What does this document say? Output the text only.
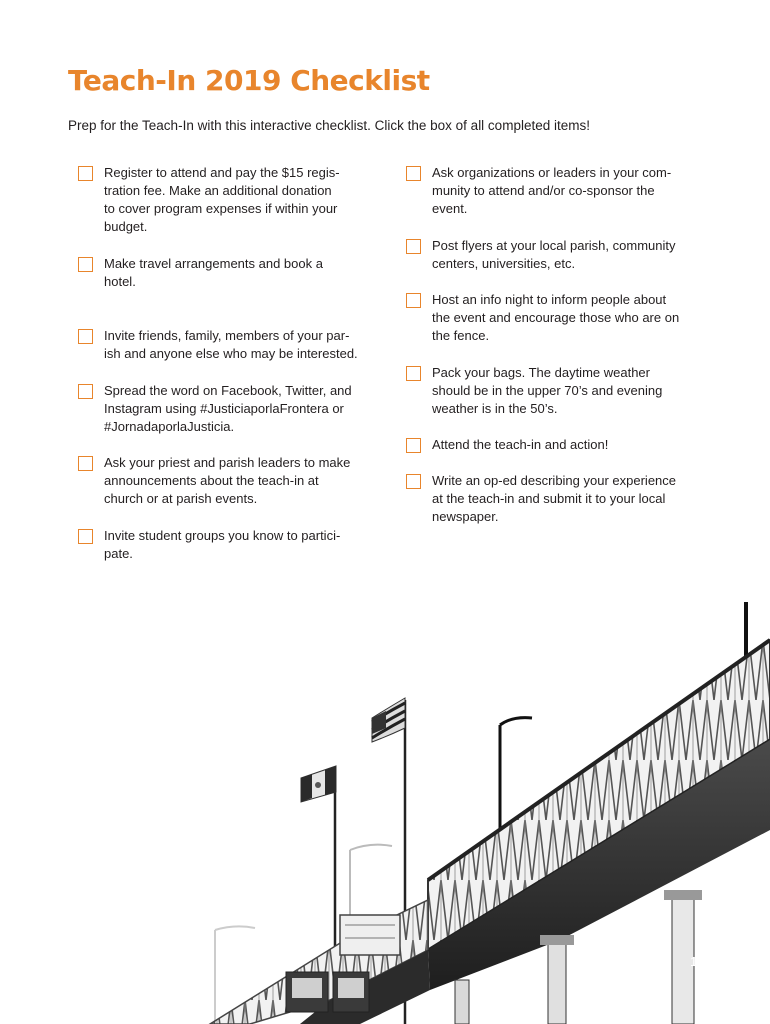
Teach-In 2019 Checklist

Prep for the Teach-In with this interactive checklist. Click the box of all completed items!

Register to attend and pay the $15 regis-
tration fee. Make an additional donation
to cover program expenses if within your
budget.
Make travel arrangements and book a
hotel.
Invite friends, family, members of your par-
ish and anyone else who may be interested.
Spread the word on Facebook, Twitter, and
Instagram using #JusticiaporlaFrontera or
#JornadaporlaJusticia.
Ask your priest and parish leaders to make
announcements about the teach-in at
church or at parish events.
Invite student groups you know to partici-
pate.
Ask organizations or leaders in your com-
munity to attend and/or co-sponsor the
event.
Post flyers at your local parish, community
centers, universities, etc.
Host an info night to inform people about
the event and encourage those who are on
the fence.
Pack your bags. The daytime weather
should be in the upper 70’s and evening
weather is in the 50’s.
Attend the teach-in and action!
Write an op-ed describing your experience
at the teach-in and submit it to your local
newspaper.

11
